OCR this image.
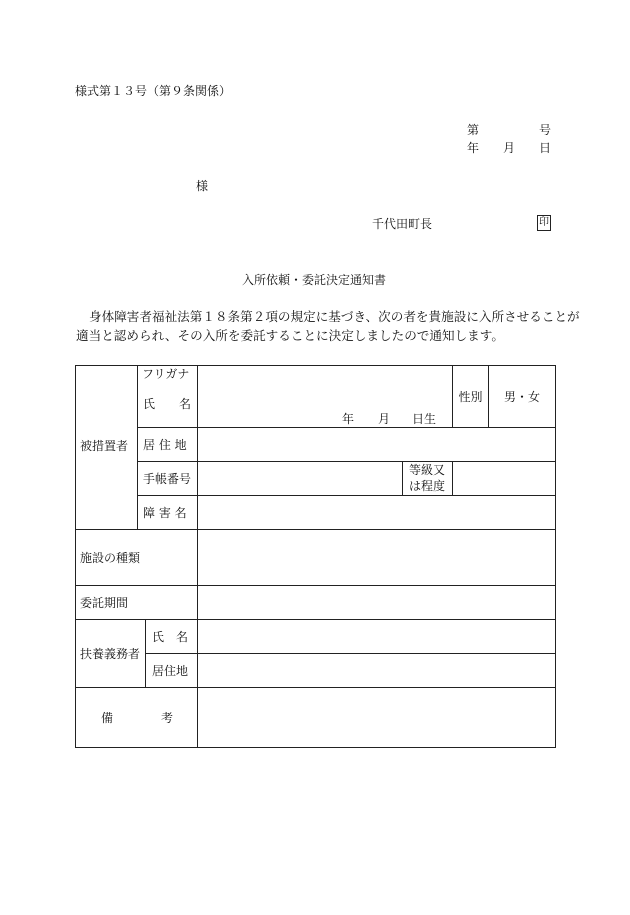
様式第１３号（第９条関係）
第	号
年 月 日
様
千代田町長	印
入所依頼・委託決定通知書
身体障害者福祉法第１８条第２項の規定に基づき、次の者を貴施設に入所させることが
適当と認められ、その入所を委託することに決定しましたので通知します。
被措置者
フリガナ
氏　　名
年 月 日生
性別 男・女
居 住 地
手帳番号
等級又
は程度
障 害 名
施設の種類
委託期間
扶養義務者
氏　名
居住地
備　　　　考
